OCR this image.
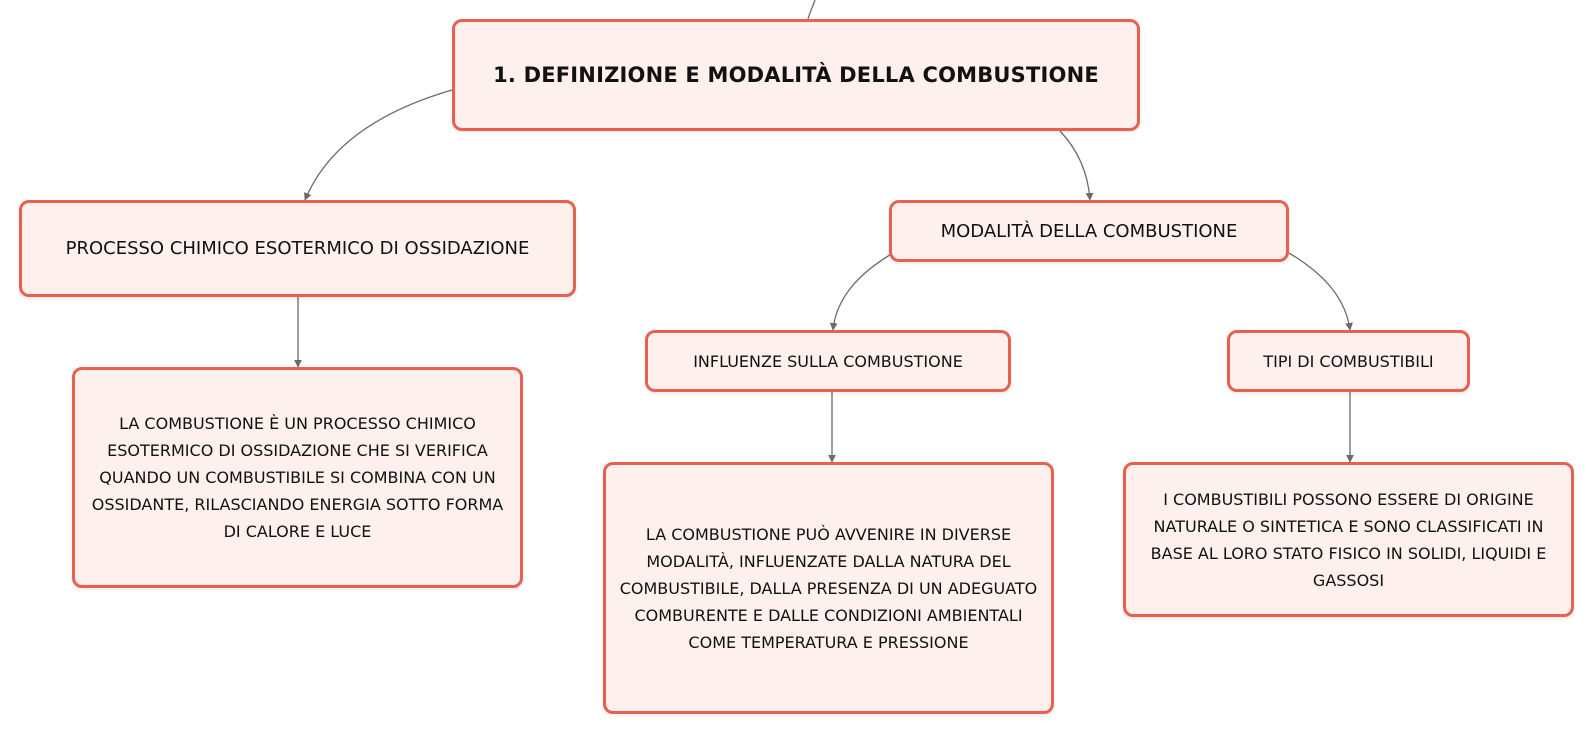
1. DEFINIZIONE E MODALITÀ DELLA COMBUSTIONE
PROCESSO CHIMICO ESOTERMICO DI OSSIDAZIONE
LA COMBUSTIONE È UN PROCESSO CHIMICO
ESOTERMICO DI OSSIDAZIONE CHE SI VERIFICA
QUANDO UN COMBUSTIBILE SI COMBINA CON UN
OSSIDANTE, RILASCIANDO ENERGIA SOTTO FORMA
DI CALORE E LUCE
MODALITÀ DELLA COMBUSTIONE
INFLUENZE SULLA COMBUSTIONE	TIPI DI COMBUSTIBILI
LA COMBUSTIONE PUÒ AVVENIRE IN DIVERSE
MODALITÀ, INFLUENZATE DALLA NATURA DEL
COMBUSTIBILE, DALLA PRESENZA DI UN ADEGUATO
COMBURENTE E DALLE CONDIZIONI AMBIENTALI
COME TEMPERATURA E PRESSIONE
I COMBUSTIBILI POSSONO ESSERE DI ORIGINE
NATURALE O SINTETICA E SONO CLASSIFICATI IN
BASE AL LORO STATO FISICO IN SOLIDI, LIQUIDI E
GASSOSI
